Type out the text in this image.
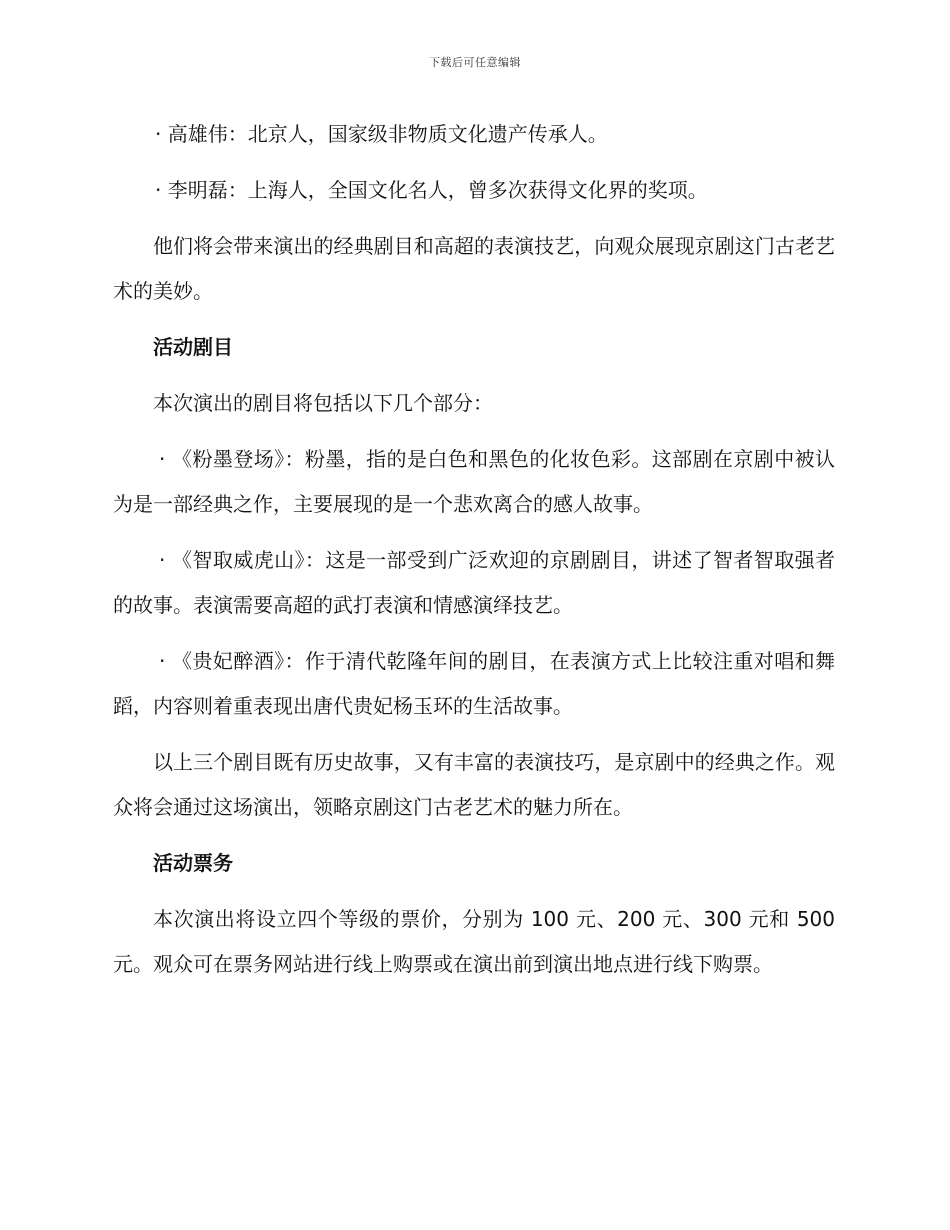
下载后可任意编辑

· 高雄伟：北京人，国家级非物质文化遗产传承人。

· 李明磊：上海人，全国文化名人，曾多次获得文化界的奖项。

他们将会带来演出的经典剧目和高超的表演技艺，向观众展现京剧这门古老艺术的美妙。

活动剧目

本次演出的剧目将包括以下几个部分：

· 《粉墨登场》：粉墨，指的是白色和黑色的化妆色彩。这部剧在京剧中被认为是一部经典之作，主要展现的是一个悲欢离合的感人故事。

· 《智取威虎山》：这是一部受到广泛欢迎的京剧剧目，讲述了智者智取强者的故事。表演需要高超的武打表演和情感演绎技艺。

· 《贵妃醉酒》：作于清代乾隆年间的剧目，在表演方式上比较注重对唱和舞蹈，内容则着重表现出唐代贵妃杨玉环的生活故事。

以上三个剧目既有历史故事，又有丰富的表演技巧，是京剧中的经典之作。观众将会通过这场演出，领略京剧这门古老艺术的魅力所在。

活动票务

本次演出将设立四个等级的票价，分别为 100 元、200 元、300 元和 500 元。观众可在票务网站进行线上购票或在演出前到演出地点进行线下购票。
